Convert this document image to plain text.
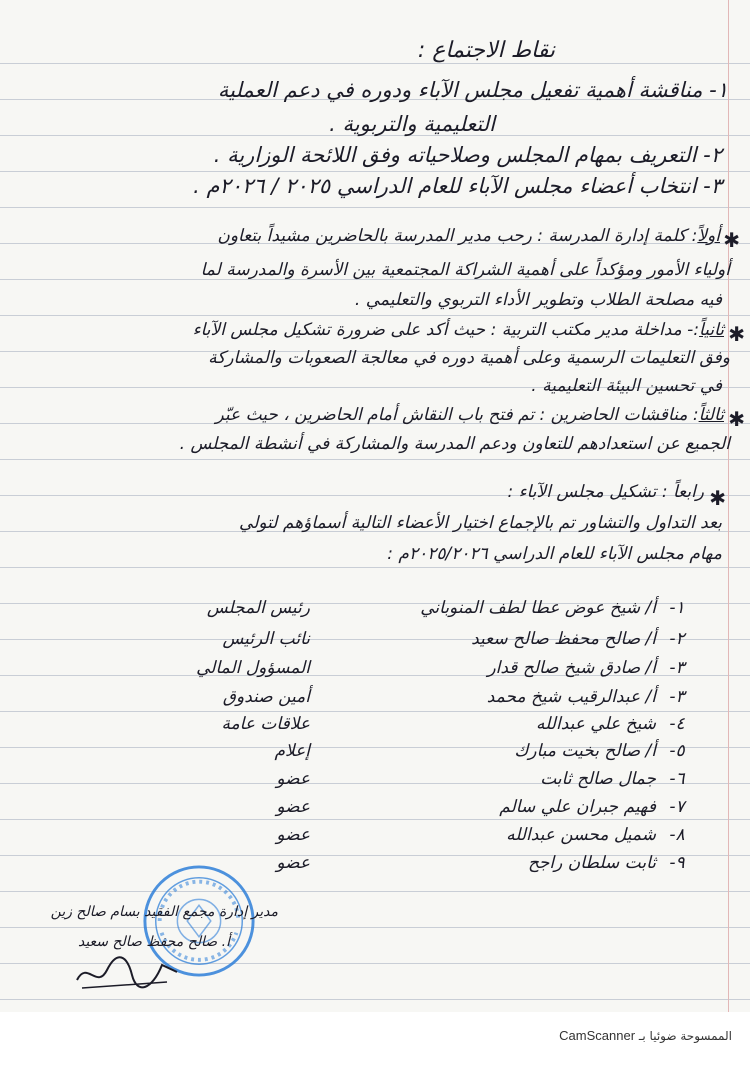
نقاط الاجتماع :
١- مناقشة أهمية تفعيل مجلس الآباء ودوره في دعم العملية
التعليمية والتربوية .
٢- التعريف بمهام المجلس وصلاحياته وفق اللائحة الوزارية .
٣- انتخاب أعضاء مجلس الآباء للعام الدراسي ٢٠٢٥ / ٢٠٢٦م .
✱
أولاً: كلمة إدارة المدرسة : رحب مدير المدرسة بالحاضرين مشيداً بتعاون
أولياء الأمور ومؤكداً على أهمية الشراكة المجتمعية بين الأسرة والمدرسة لما
فيه مصلحة الطلاب وتطوير الأداء التربوي والتعليمي .
✱
ثانياً:- مداخلة مدير مكتب التربية : حيث أكد على ضرورة تشكيل مجلس الآباء
وفق التعليمات الرسمية وعلى أهمية دوره في معالجة الصعوبات والمشاركة
في تحسين البيئة التعليمية .
✱
ثالثاً: مناقشات الحاضرين : تم فتح باب النقاش أمام الحاضرين ، حيث عبّر
الجميع عن استعدادهم للتعاون ودعم المدرسة والمشاركة في أنشطة المجلس .
✱
رابعاً : تشكيل مجلس الآباء :
بعد التداول والتشاور تم بالإجماع اختيار الأعضاء التالية أسماؤهم لتولي
مهام مجلس الآباء للعام الدراسي ٢٠٢٥/٢٠٢٦م :
١-أ/ شيخ عوض عطا لطف المنوباني
رئيس المجلس
٢-أ/ صالح محفظ صالح سعيد
نائب الرئيس
٣-أ/ صادق شيخ صالح قدار
المسؤول المالي
٣-أ/ عبدالرقيب شيخ محمد
أمين صندوق
٤-شيخ علي عبدالله
علاقات عامة
٥-أ/ صالح بخيت مبارك
إعلام
٦-جمال صالح ثابت
عضو
٧-فهيم جبران علي سالم
عضو
٨-شميل محسن عبدالله
عضو
٩-ثابت سلطان راجح
عضو
مدير إدارة مجمع الفقيد بسام صالح زين
أ. صالح محفظ صالح سعيد
الممسوحة ضوئيا بـ CamScanner
